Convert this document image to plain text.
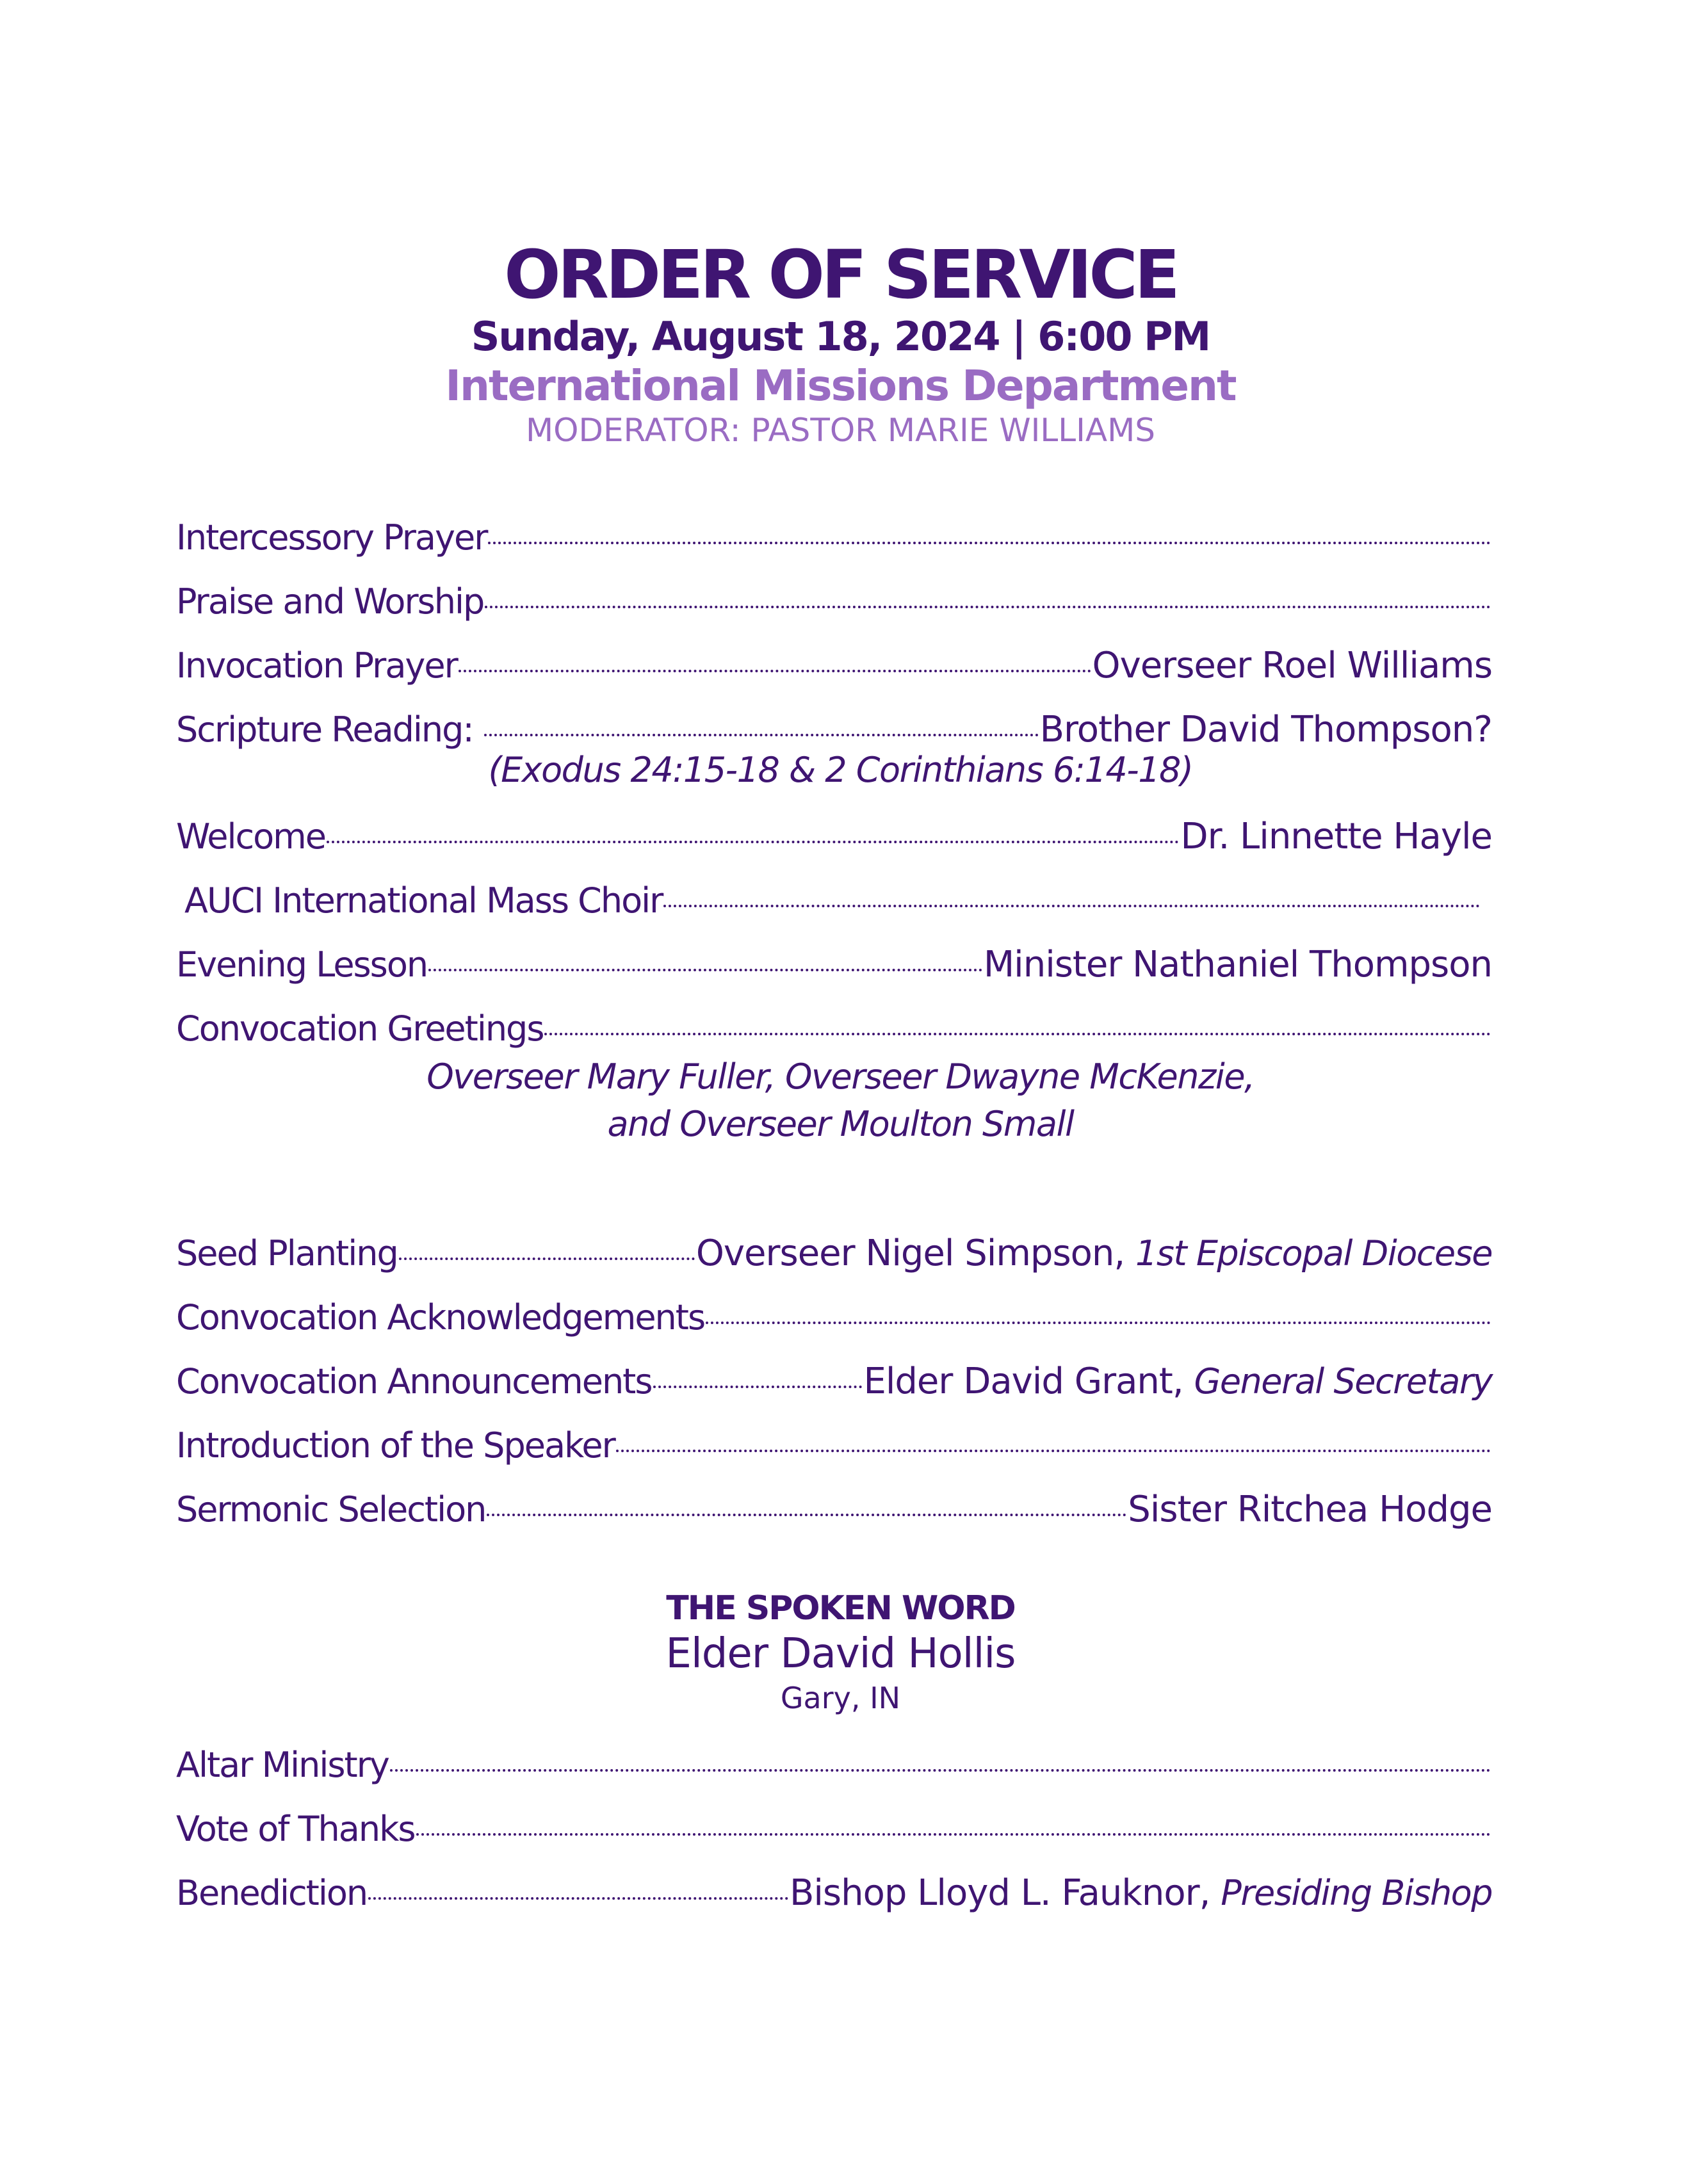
ORDER OF SERVICE
Sunday, August 18, 2024 | 6:00 PM
International Missions Department
MODERATOR: PASTOR MARIE WILLIAMS
Intercessory Prayer
Praise and Worship
Invocation Prayer	Overseer Roel Williams
Scripture Reading:	Brother David Thompson?
(Exodus 24:15-18 & 2 Corinthians 6:14-18)
Welcome	Dr. Linnette Hayle
AUCI International Mass Choir
Evening Lesson	Minister Nathaniel Thompson
Convocation Greetings
Overseer Mary Fuller, Overseer Dwayne McKenzie,
and Overseer Moulton Small
Seed Planting	Overseer Nigel Simpson, 1st Episcopal Diocese
Convocation Acknowledgements
Convocation Announcements	Elder David Grant, General Secretary
Introduction of the Speaker
Sermonic Selection	Sister Ritchea Hodge
THE SPOKEN WORD
Elder David Hollis
Gary, IN
Altar Ministry
Vote of Thanks
Benediction	Bishop Lloyd L. Fauknor, Presiding Bishop
